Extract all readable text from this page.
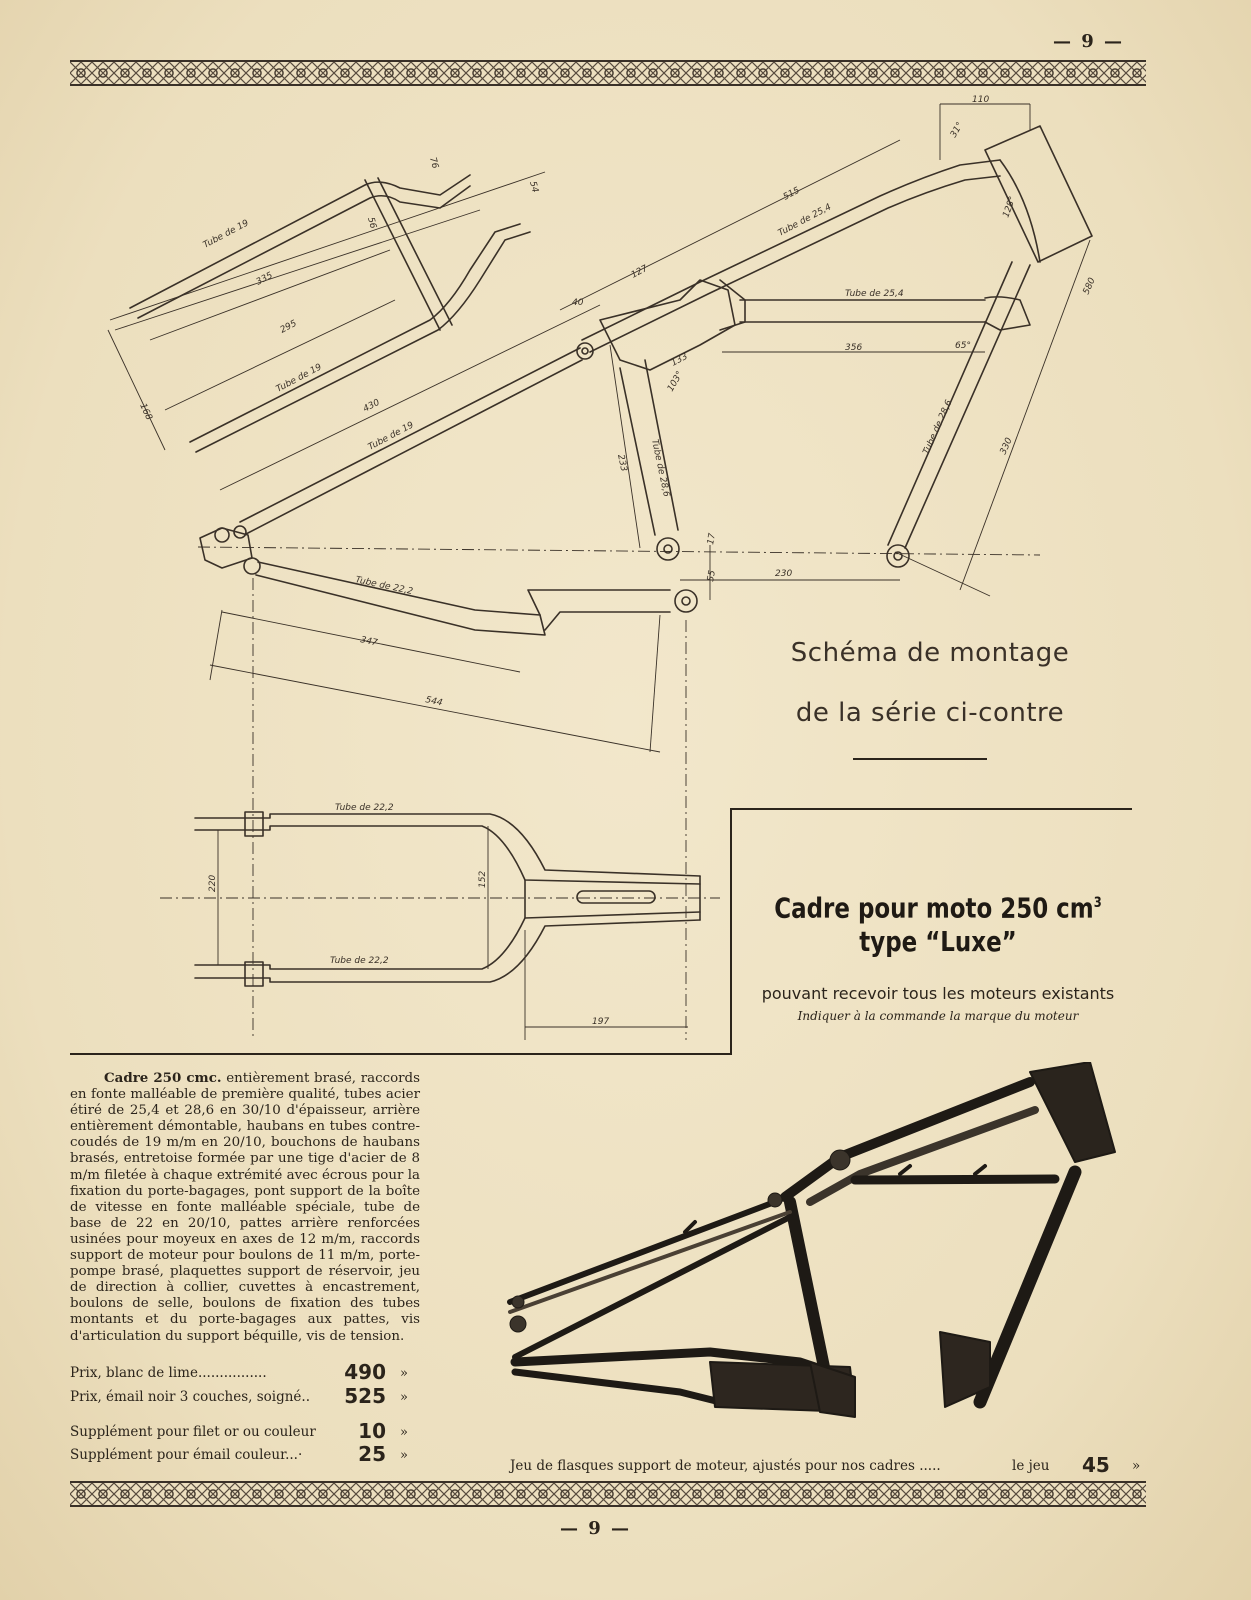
— 9 —
Tube de 19
Tube de 19
Tube de 19
Tube de 25,4
Tube de 25,4
Tube de 28,6
Tube de 28,6
Tube de 22,2
Tube de 22,2
Tube de 22,2
110
31°
128°
76
54
56
335
295
168	430
40
127
515
356	65°
133
103°
233
330
580
17
55	230
347
544
220	152
197
Schéma de montage
de la série ci-contre
Cadre pour moto 250 $cm^3$
type “Luxe”
pouvant recevoir tous les moteurs existants
Indiquer à la commande la marque du moteur
Cadre 250 cmc. entièrement brasé, raccords en fonte malléable de première qualité, tubes acier étiré de 25,4 et 28,6 en 30/10 d'épaisseur, arrière entièrement démontable, haubans en tubes contre-coudés de 19 m/m en 20/10, bouchons de haubans brasés, entretoise formée par une tige d'acier de 8 m/m filetée à chaque extrémité avec écrous pour la fixation du porte-bagages, pont support de la boîte de vitesse en fonte malléable spéciale, tube de base de 22 en 20/10, pattes arrière renforcées usinées pour moyeux en axes de 12 m/m, raccords support de moteur pour boulons de 11 m/m, porte-pompe brasé, plaquettes support de réservoir, jeu de direction à collier, cuvettes à encastrement, boulons de selle, boulons de fixation des tubes montants et du porte-bagages aux pattes, vis d'articulation du support béquille, vis de tension.
Prix, blanc de lime................	490 »
Prix, émail noir 3 couches, soigné.. 525 »
Supplément pour filet or ou couleur 10 »
Supplément pour émail couleur...·	25 »
Jeu de flasques support de moteur, ajustés pour nos cadres .....	le jeu 45 »
— 9 —
